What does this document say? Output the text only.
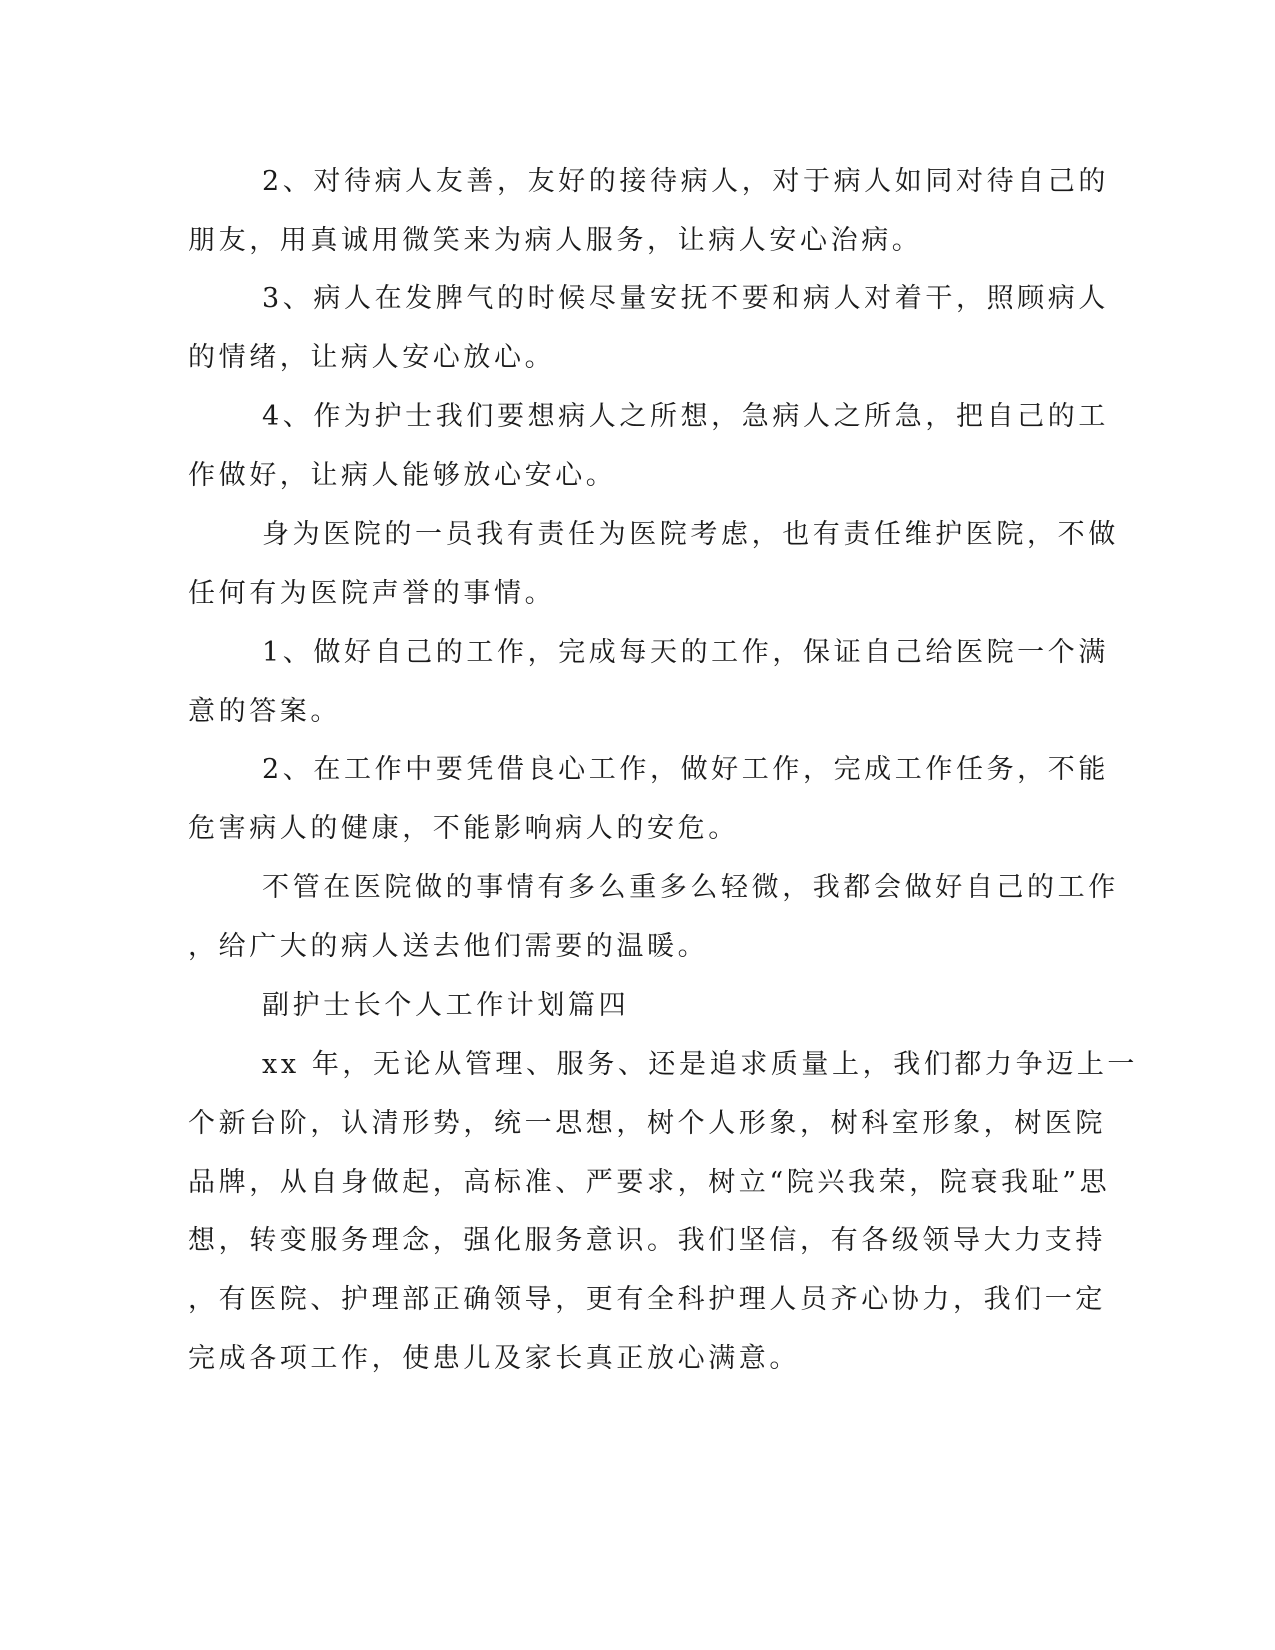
2、对待病人友善，友好的接待病人，对于病人如同对待自己的
朋友，用真诚用微笑来为病人服务，让病人安心治病。
3、病人在发脾气的时候尽量安抚不要和病人对着干，照顾病人
的情绪，让病人安心放心。
4、作为护士我们要想病人之所想，急病人之所急，把自己的工
作做好，让病人能够放心安心。
身为医院的一员我有责任为医院考虑，也有责任维护医院，不做
任何有为医院声誉的事情。
1、做好自己的工作，完成每天的工作，保证自己给医院一个满
意的答案。
2、在工作中要凭借良心工作，做好工作，完成工作任务，不能
危害病人的健康，不能影响病人的安危。
不管在医院做的事情有多么重多么轻微，我都会做好自己的工作
，给广大的病人送去他们需要的温暖。
副护士长个人工作计划篇四
xx 年，无论从管理、服务、还是追求质量上，我们都力争迈上一
个新台阶，认清形势，统一思想，树个人形象，树科室形象，树医院
品牌，从自身做起，高标准、严要求，树立“院兴我荣，院衰我耻”思
想，转变服务理念，强化服务意识。我们坚信，有各级领导大力支持
，有医院、护理部正确领导，更有全科护理人员齐心协力，我们一定
完成各项工作，使患儿及家长真正放心满意。
